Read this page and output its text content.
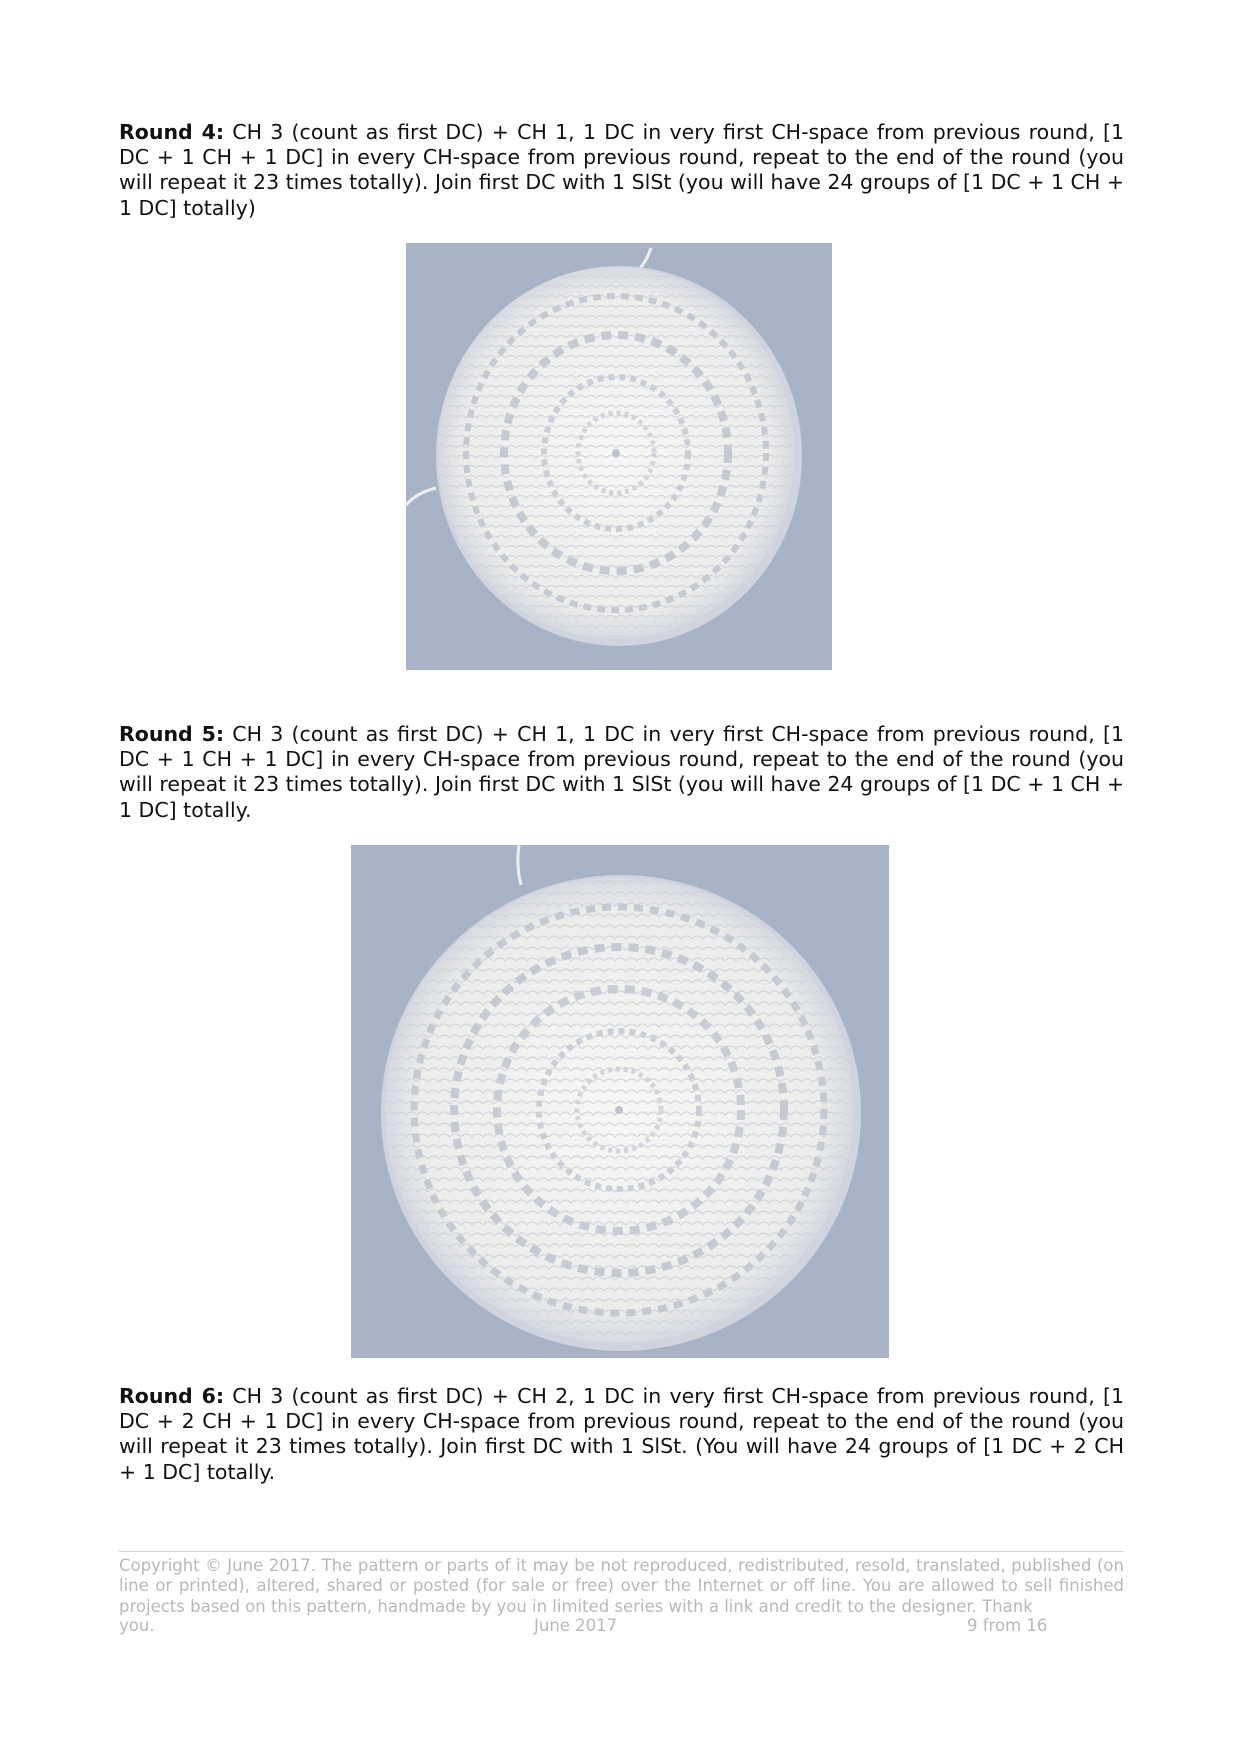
Round 4: CH 3 (count as first DC) + CH 1, 1 DC in very first CH-space from previous round, [1 DC + 1 CH + 1 DC] in every CH-space from previous round, repeat to the end of the round (you will repeat it 23 times totally). Join first DC with 1 SlSt (you will have 24 groups of [1 DC + 1 CH + 1 DC] totally)
Round 5: CH 3 (count as first DC) + CH 1, 1 DC in very first CH-space from previous round, [1 DC + 1 CH + 1 DC] in every CH-space from previous round, repeat to the end of the round (you will repeat it 23 times totally). Join first DC with 1 SlSt (you will have 24 groups of [1 DC + 1 CH + 1 DC] totally.
Round 6: CH 3 (count as first DC) + CH 2, 1 DC in very first CH-space from previous round, [1 DC + 2 CH + 1 DC] in every CH-space from previous round, repeat to the end of the round (you will repeat it 23 times totally). Join first DC with 1 SlSt. (You will have 24 groups of [1 DC + 2 CH + 1 DC] totally.
Copyright © June 2017. The pattern or parts of it may be not reproduced, redistributed, resold, translated, published (on line or printed), altered, shared or posted (for sale or free) over the Internet or off line. You are allowed to sell finished projects based on this pattern, handmade by you in limited series with a link and credit to the designer. Thank
you.	June 2017	9 from 16
